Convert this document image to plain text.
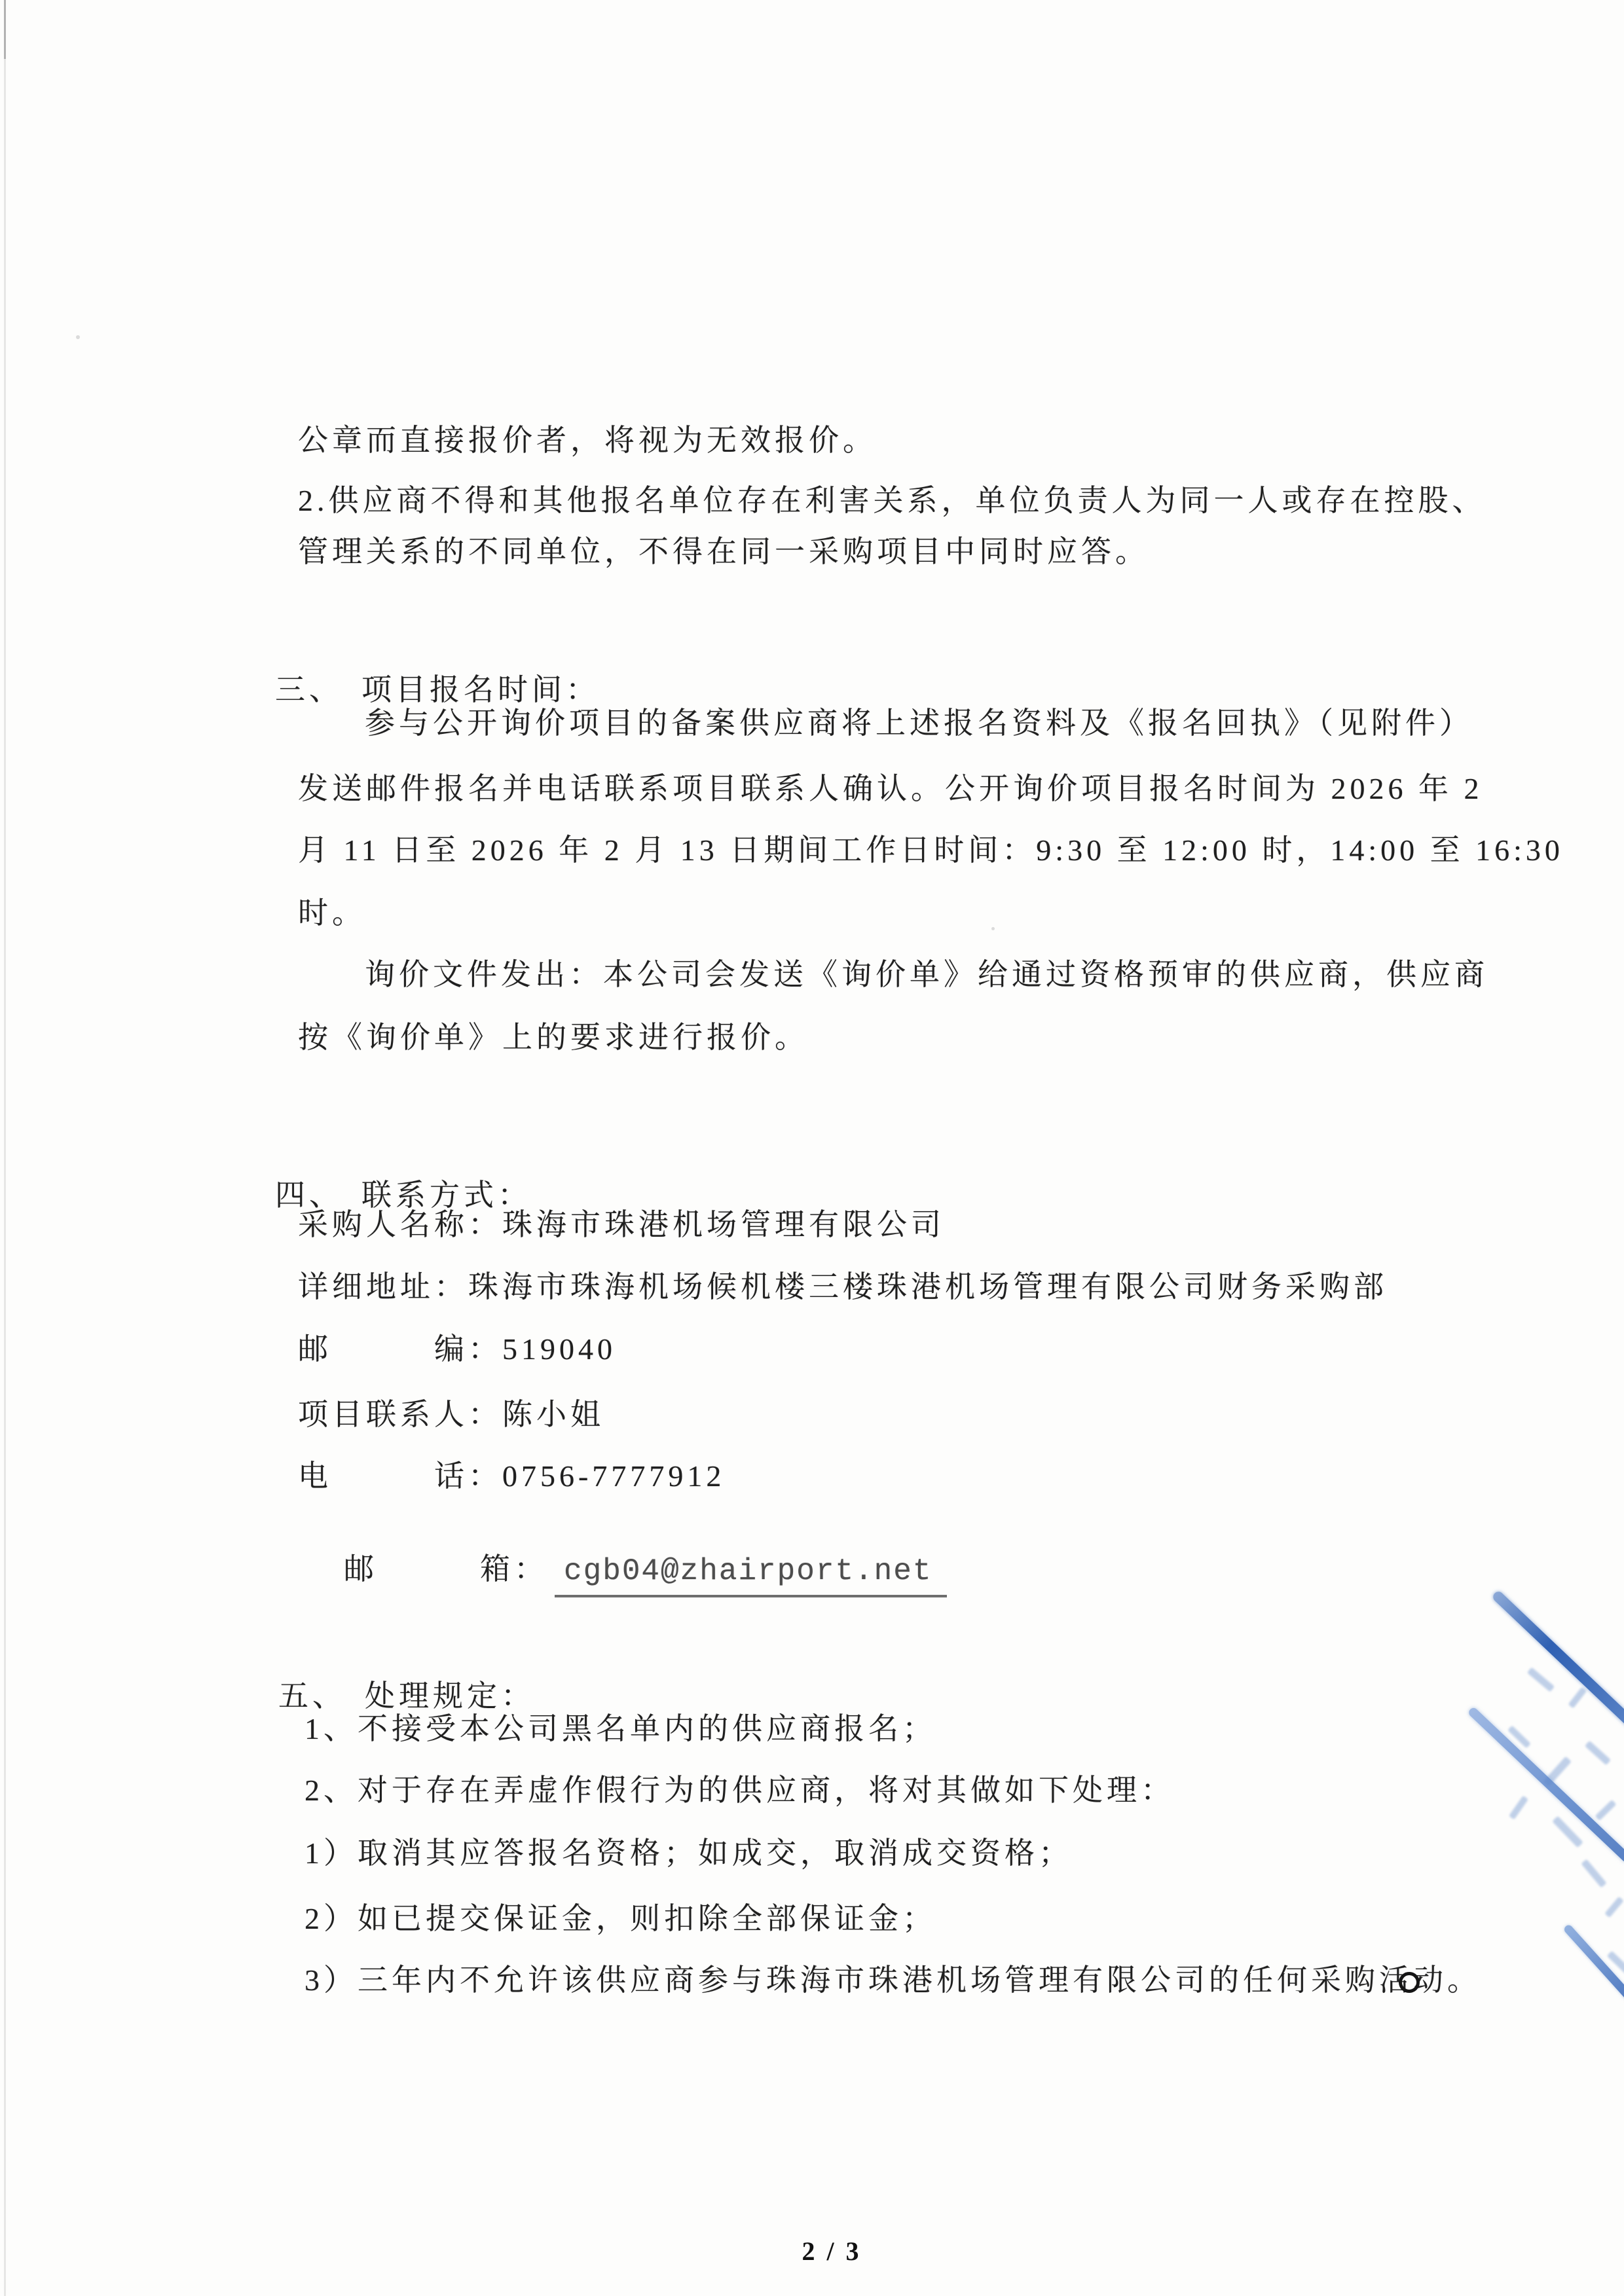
公章而直接报价者，将视为无效报价。
2.供应商不得和其他报名单位存在利害关系，单位负责人为同一人或存在控股、
管理关系的不同单位，不得在同一采购项目中同时应答。

三、 项目报名时间：

参与公开询价项目的备案供应商将上述报名资料及《报名回执》（见附件）
发送邮件报名并电话联系项目联系人确认。公开询价项目报名时间为 2026 年 2
月 11 日至 2026 年 2 月 13 日期间工作日时间：9:30 至 12:00 时，14:00 至 16:30
时。
询价文件发出：本公司会发送《询价单》给通过资格预审的供应商，供应商
按《询价单》上的要求进行报价。

四、 联系方式：

采购人名称：珠海市珠港机场管理有限公司
详细地址：珠海市珠海机场候机楼三楼珠港机场管理有限公司财务采购部
邮　　　编：519040
项目联系人：陈小姐
电　　　话：0756-7777912

邮　　　箱： cgb04@zhairport.net

五、 处理规定：

1、不接受本公司黑名单内的供应商报名；
2、对于存在弄虚作假行为的供应商，将对其做如下处理：
1）取消其应答报名资格；如成交，取消成交资格；
2）如已提交保证金，则扣除全部保证金；
3）三年内不允许该供应商参与珠海市珠港机场管理有限公司的任何采购活动。
2 / 3
